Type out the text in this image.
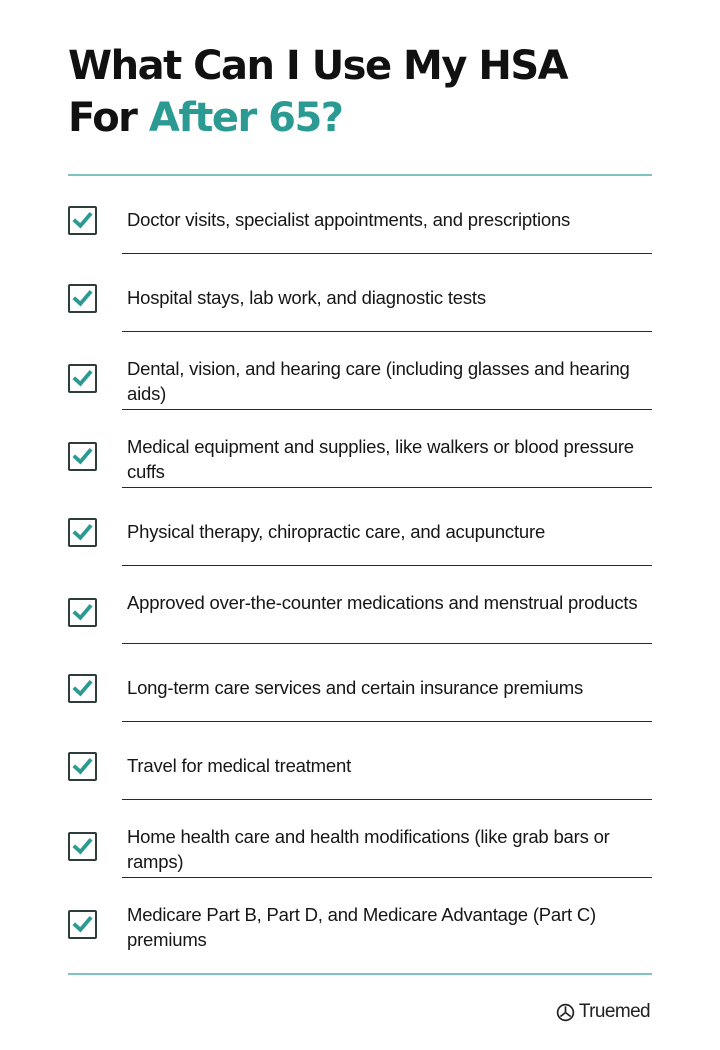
What Can I Use My HSA
For After 65?
Doctor visits, specialist appointments, and prescriptions
Hospital stays, lab work, and diagnostic tests
Dental, vision, and hearing care (including glasses and hearing aids)
Medical equipment and supplies, like walkers or blood pressure cuffs
Physical therapy, chiropractic care, and acupuncture
Approved over-the-counter medications and menstrual products
Long-term care services and certain insurance premiums
Travel for medical treatment
Home health care and health modifications (like grab bars or ramps)
Medicare Part B, Part D, and Medicare Advantage (Part C) premiums
Truemed
